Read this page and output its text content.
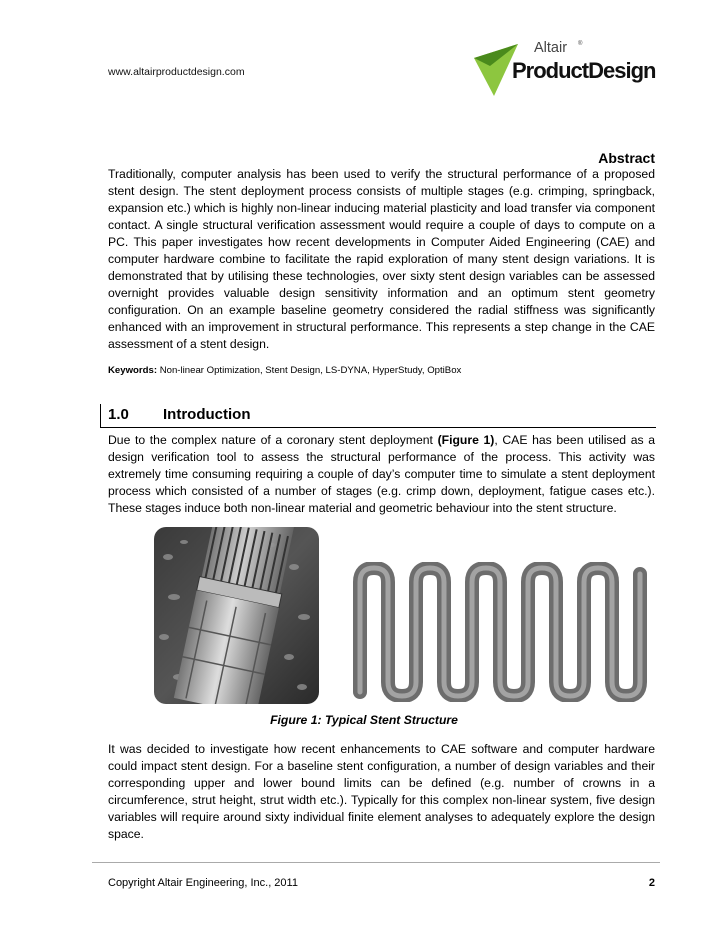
www.altairproductdesign.com
Altair ®
ProductDesign
Abstract

Traditionally, computer analysis has been used to verify the structural performance of a proposed stent design. The stent deployment process consists of multiple stages (e.g. crimping, springback, expansion etc.) which is highly non-linear inducing material plasticity and load transfer via component contact. A single structural verification assessment would require a couple of days to compute on a PC. This paper investigates how recent developments in Computer Aided Engineering (CAE) and computer hardware combine to facilitate the rapid exploration of many stent design variations. It is demonstrated that by utilising these technologies, over sixty stent design variables can be assessed overnight provides valuable design sensitivity information and an optimum stent geometry configuration. On an example baseline geometry considered the radial stiffness was significantly enhanced with an improvement in structural performance. This represents a step change in the CAE assessment of a stent design.

Keywords: Non-linear Optimization, Stent Design, LS-DYNA, HyperStudy, OptiBox
1.0 Introduction

Due to the complex nature of a coronary stent deployment (Figure 1), CAE has been utilised as a design verification tool to assess the structural performance of the process. This activity was extremely time consuming requiring a couple of day’s computer time to simulate a stent deployment process which consisted of a number of stages (e.g. crimp down, deployment, fatigue cases etc.). These stages induce both non-linear material and geometric behaviour into the stent structure.

Figure 1: Typical Stent Structure

It was decided to investigate how recent enhancements to CAE software and computer hardware could impact stent design. For a baseline stent configuration, a number of design variables and their corresponding upper and lower bound limits can be defined (e.g. number of crowns in a circumference, strut height, strut width etc.). Typically for this complex non-linear system, five design variables will require around sixty individual finite element analyses to adequately explore the design space.

Copyright Altair Engineering, Inc., 2011	2
